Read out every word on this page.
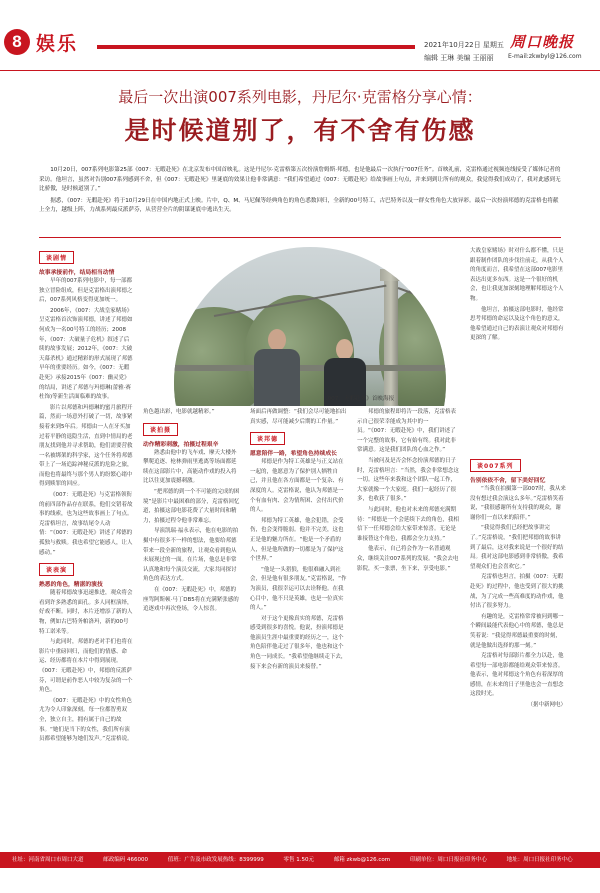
8 娱乐	2021年10月22日 星期五
编辑 王琳 美编 王丽丽
周口晚报
E-mail:zkwbyl@126.com
最后一次出演007系列电影，丹尼尔·克雷格分享心情：
是时候道别了，有不舍有伤感

10月20日，007系列电影第25部《007：无暇赴死》在北京发布中国首映礼。这是丹尼尔·克雷格第五次扮演詹姆斯·邦德，也是他最后一次执行“007任务”。首映礼前，克雷格通过视频连线接受了媒体记者的采访。他坦言，虽然对告别007系列感到不舍，但《007：无暇赴死》里谜底的效果让他非常满意：“我们希望通过《007：无暇赴死》给故事画上句点，并来到到让所有的观众，我觉得我们成功了，我对此感到无比骄傲，是时候道别了。”

据悉，《007：无暇赴死》将于10月29日在中国内地正式上映。片中，Q、M、马尼佩等经典角色的角色悉数回归，全新的00号特工，古巴特务以及一群女性角色大放异彩。最后一次扮演邦德的克雷格也将献上全力，越级上阵，力战系列最反派萨芬，从营营全片的阴谋谜底中逃出生天。

谈剧情

故事承接前作，结局相当动情

早年的007系列电影中，每一部都独立冒险组成，但是克雷格出演邦德之后，007系列风格变得更加统一。

2006年，《007：大战皇家赌场》呈克雷格首次饰演邦德，讲述了邦德如何成为一名00号特工的经历；2008年，《007：大破量子危机》叙述了后续的故事发展；2012年，《007：大破天幕杀机》通过精彩的形式展现了邦德早年的重要经历。如今，《007：无暇赴死》承接2015年《007：幽灵党》的结局，讲述了邦德与玛德琳(蕾雅·赛杜饰)等新生活面临难的故事。

影片以邦德和玛德琳的蜜月旅程开篇，然而一场意外打破了一切，故事紧接着来到5年后。邦德由一人在牙买加过着平静的退隐生活，直到中情局的老朋友找到他并寻求帮助，他们需要营救一名被绑架的科学家，这个任务将邦德带上了一场追踪神秘反派的危险之旅，而他也将最终与那个男人的纷繁心绪中得到赎罪的回应。

《007：无暇赴死》与克雷格领衔的前四部作品存在联系，他们交错着故事的线索，也为这些故事画上了句点。克雷格坦言，故事结尾令人动情：“《007：无暇赴死》讲述了邦德的孤独与救赎。我也希望它能感人，让人感动。”

谈表演

熟悉的角色，精湛的演技

随着邦德故事迅速推进，观众将会看到许多熟悉的面孔。多人同框演绎，好戏不断。同时，本片还增添了新的人物，例如古巴特务帕洛玛，新的00号特工诺米等。

与此同时，邦德的老对手们也将在影片中重磅回归，而他们的情感、命运、经历都将在本片中得到展现。《007：无暇赴死》中，邦德的反派萨芬，可谓是前作恶人中较为复杂的一个角色。

《007：无暇赴死》中的女性角色尤为令人印象深刻。每一位都智勇双全，独立自主，拥有属于自己的故事。“她们是当下的女性，我们所有演员都希望能够为她们发声。”克雷格说。

《007：无暇赴死》首映海报

角色越出彩，电影就越精彩。”

谈拍摄

动作精彩刺激，拍摄过程艰辛

熟悉由他中的飞车戏、摩天大楼外攀爬追逐、枪林弹雨里逃离等场面都延续在这部影片中，高能动作戏的投入将比以往更加震撼刺激。

“把邦德的到一个不可能的完成的困境”是影片中最困难的部分，克雷格回忆道，拍摄这部电影花费了大量时间和精力，拍摄过程令他非常难忘。

导演凯瑞·福永表示，他在电影的拍摄中有很多不一样的想法，他要给邦德带来一段全新的旅程，让观众看到他从未展现过的一面。在片场，他总是非常认真地和每个演员交流，大家共同探讨角色的表达方式。

在《007：无暇赴死》中，邦德的座驾阿斯顿·马丁DB5将在充满紧张感的追逐戏中再次登场，令人惊喜。

场面后再做调整：“我们会尽可能地拍出真实感，尽可能减少后期的工作量。”

谈邦德

愿意陪伴一路，希望角色持续成长

邦德是作为特工英雄是与正义站在一起的，他愿意为了保护别人牺牲自己，并且他在各方面都是一个复杂、有深度的人。克雷格说，他认为邦德是一个有血有肉、会为情所困、会付出代价的人。

邦德为特工英雄，他会犯错，会受伤，也会变得脆弱。他并不完美，这也正是他的魅力所在。“他是一个矛盾的人，但是他所做的一切都是为了保护这个世界。”

“他是一头猎狼，他很难融入到社会，但是他有很多朋友。”克雷格说，“作为演员，我很幸运可以去诠释他。在我心目中，他不只是英雄，也是一位真实的人。”

对于这个更像真实的邦德，克雷格感受到很多的喜悦。他说，扮演邦德是他演员生涯中最重要的经历之一，这个角色陪伴他走过了很多年，他也和这个角色一同成长。“我希望他继续走下去，接下来会有新的演员来接替。”

邦德的旅程即将告一段落，克雷格表示自己很荣幸能成为其中的一员。“《007：无暇赴死》中，我们讲述了一个完整的故事，它有始有终。我对此非常满意。这是我们团队的心血之作。”

当被问及是否会怀念扮演邦德的日子时，克雷格坦言：“当然，我会非常想念这一切。这些年来我和这个团队一起工作，大家就像一个大家庭。我们一起经历了很多，也收获了很多。”

与此同时，他也对未来的邦德充满期待：“邦德是一个会延续下去的角色，我相信下一任邦德会给大家带来惊喜。无论是谁接替这个角色，我都会全力支持。”

他表示，自己将会作为一名普通观众，继续关注007系列的发展。“我会去电影院，买一张票，坐下来，享受电影。”

大战皇家赌场》时对什么都不懂，只是跟着制作团队的步伐往前走，从我个人的角度而言，我希望在这部007电影里表达出更多东西。这是一个很好的机会，也让我更加深刻地理解邦德这个人物。

他坦言，拍摄这部电影时，他经常思考邦德的命运以及这个角色的意义，他希望通过自己的表演让观众对邦德有更深的了解。

谈007系列

告别依依不舍，留下美好回忆

“当我在拍摄第一部007时，我从来没有想过我会演这么多年。”克雷格笑着说，“我很感谢所有支持我的观众，谢谢你们一直以来的陪伴。”

“我觉得我们已经把故事讲完了。”克雷格说，“我们把邦德的故事讲到了最后，这对我来说是一个很好的结局。我对这部电影感到非常骄傲，我希望观众们也会喜欢它。”

克雷格也坦言，拍摄《007：无暇赴死》的过程中，他也受到了很大的挑战，为了完成一些高难度的动作戏，他付出了很多努力。

有趣的是，克雷格常常被问到哪一个瞬间最能代表他心中的邦德，他总是笑着说：“我觉得邦德最重要的时刻，就是他做出选择的那一刻。”

克雷格对每部影片都全力以赴，他希望每一部电影都能给观众带来惊喜。他表示，他对邦德这个角色有着深厚的感情，在未来的日子里他也会一直想念这段时光。

（据中新网电）

社址：河南省周口市周口大道	邮政编码 466000	值班：广告及市政发展热线：8399999	零售 1.50元	邮箱 zkwb@126.com	印刷单位：周口日报社印务中心	地址：周口日报社印务中心
